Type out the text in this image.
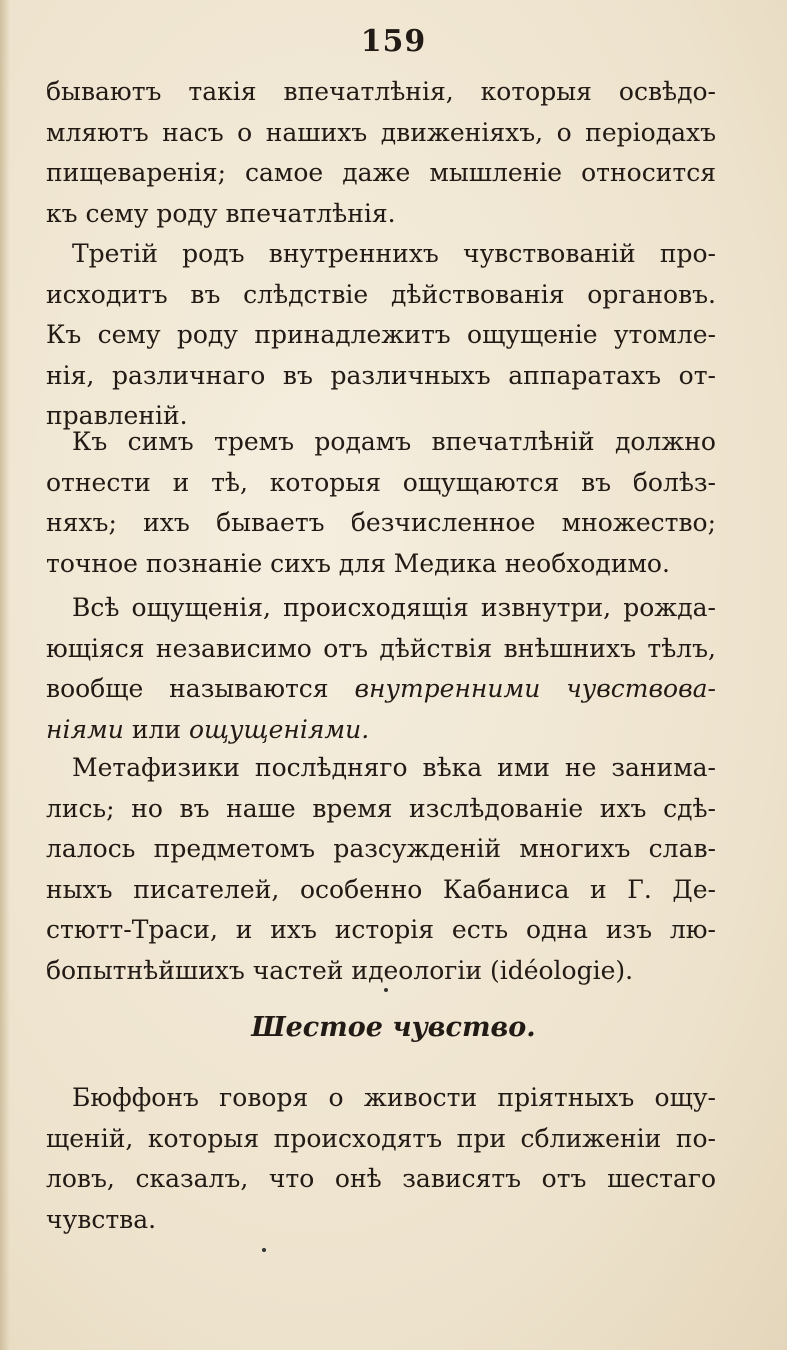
159
бываютъ такія впечатлѣнія, которыя освѣдо-
мляютъ насъ о нашихъ движеніяхъ, о періодахъ
пищеваренія; самое даже мышленіе относится
къ сему роду впечатлѣнія.
Третій родъ внутреннихъ чувствованій про-
исходитъ въ слѣдствіе дѣйствованія органовъ.
Къ сему роду принадлежитъ ощущеніе утомле-
нія, различнаго въ различныхъ аппаратахъ от-
правленій.
Къ симъ тремъ родамъ впечатлѣній должно
отнести и тѣ, которыя ощущаются въ болѣз-
няхъ; ихъ бываетъ безчисленное множество;
точное познаніе сихъ для Медика необходимо.
Всѣ ощущенія, происходящія извнутри, рожда-
ющіяся независимо отъ дѣйствія внѣшнихъ тѣлъ,
вообще называются внутренними чувствова-
ніями или ощущеніями.
Метафизики послѣдняго вѣка ими не занима-
лись; но въ наше время изслѣдованіе ихъ сдѣ-
лалось предметомъ разсужденій многихъ слав-
ныхъ писателей, особенно Кабаниса и Г. Де-
стютт-Траси, и ихъ исторія есть одна изъ лю-
бопытнѣйшихъ частей идеологіи (idéologie).
Шестое чувство.
Бюффонъ говоря о живости пріятныхъ ощу-
щеній, которыя происходятъ при сближеніи по-
ловъ, сказалъ, что онѣ зависятъ отъ шестаго
чувства.
